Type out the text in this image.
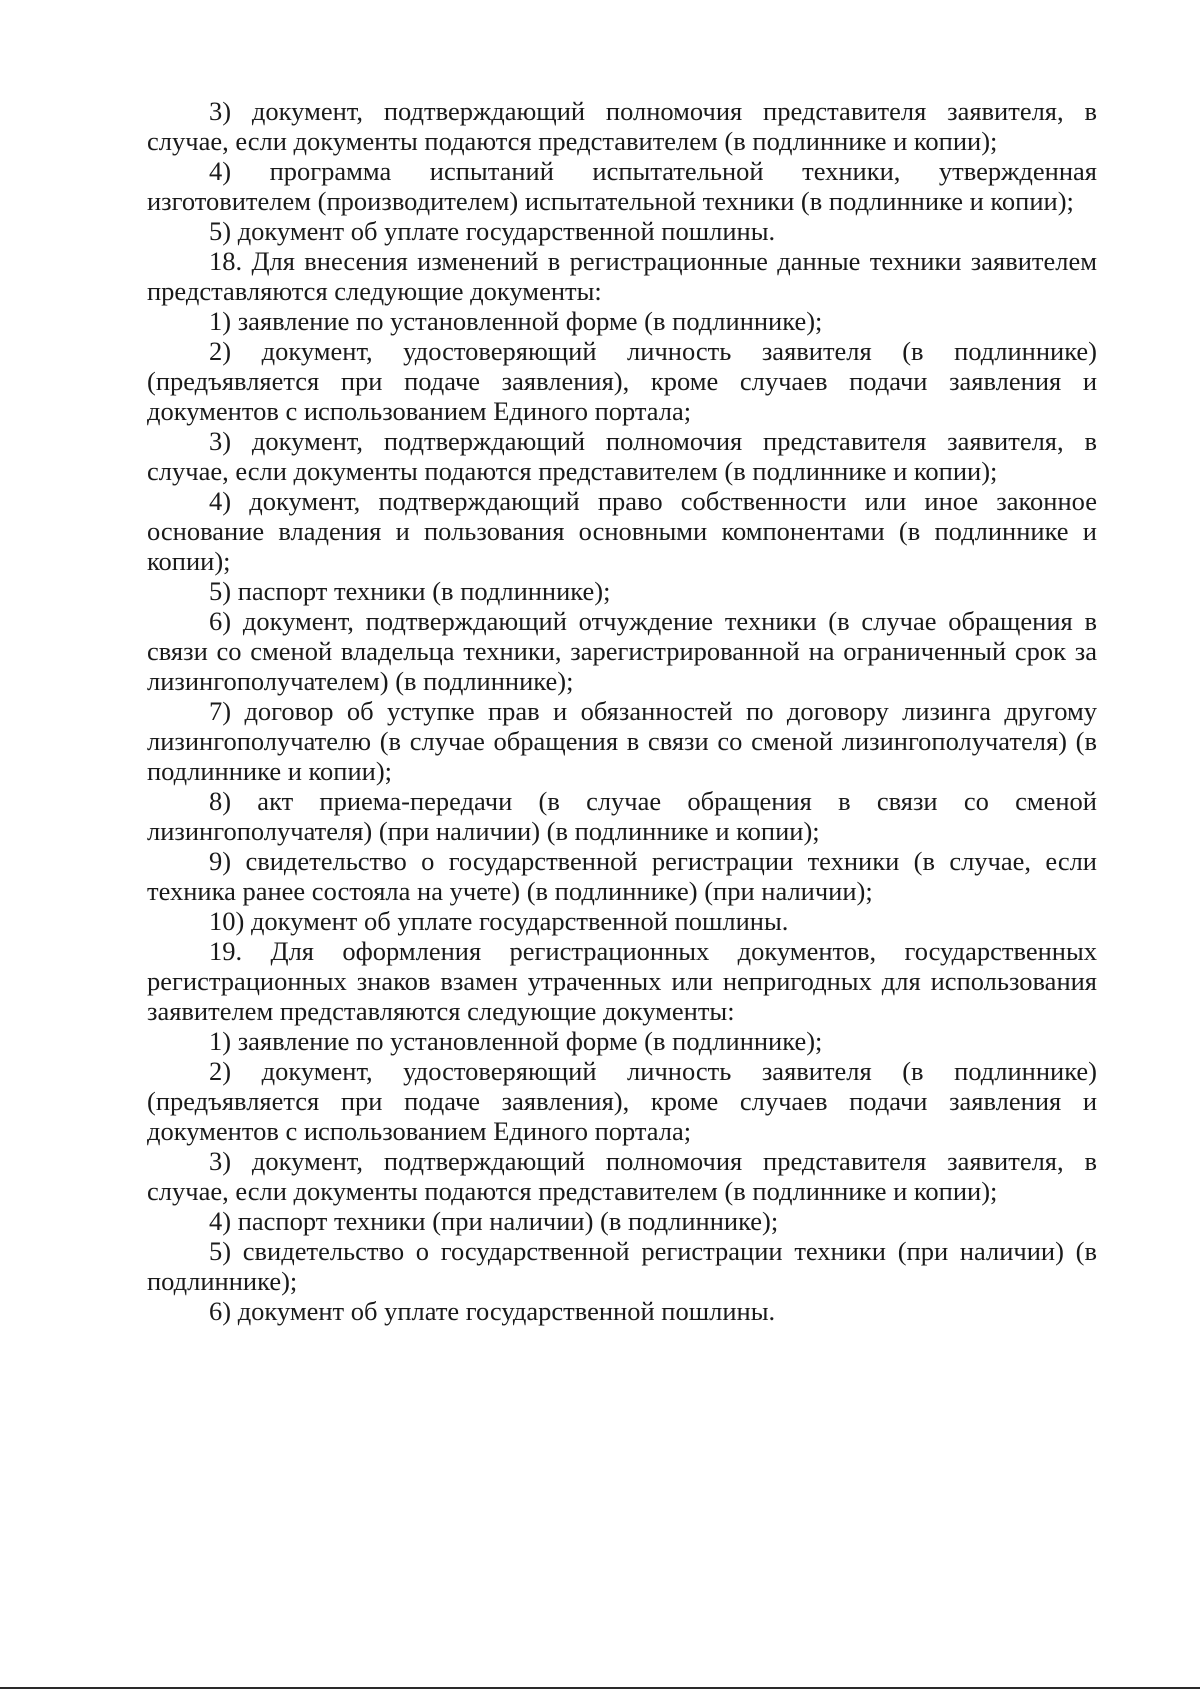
3) документ, подтверждающий полномочия представителя заявителя, в случае, если документы подаются представителем (в подлиннике и копии);

4) программа испытаний испытательной техники, утвержденная изготовителем (производителем) испытательной техники (в подлиннике и копии);

5) документ об уплате государственной пошлины.

18. Для внесения изменений в регистрационные данные техники заявителем представляются следующие документы:

1) заявление по установленной форме (в подлиннике);

2) документ, удостоверяющий личность заявителя (в подлиннике) (предъявляется при подаче заявления), кроме случаев подачи заявления и документов с использованием Единого портала;

3) документ, подтверждающий полномочия представителя заявителя, в случае, если документы подаются представителем (в подлиннике и копии);

4) документ, подтверждающий право собственности или иное законное основание владения и пользования основными компонентами (в подлиннике и копии);

5) паспорт техники (в подлиннике);

6) документ, подтверждающий отчуждение техники (в случае обращения в связи со сменой владельца техники, зарегистрированной на ограниченный срок за лизингополучателем) (в подлиннике);

7) договор об уступке прав и обязанностей по договору лизинга другому лизингополучателю (в случае обращения в связи со сменой лизингополучателя) (в подлиннике и копии);

8) акт приема-передачи (в случае обращения в связи со сменой лизингополучателя) (при наличии) (в подлиннике и копии);

9) свидетельство о государственной регистрации техники (в случае, если техника ранее состояла на учете) (в подлиннике) (при наличии);

10) документ об уплате государственной пошлины.

19. Для оформления регистрационных документов, государственных регистрационных знаков взамен утраченных или непригодных для использования заявителем представляются следующие документы:

1) заявление по установленной форме (в подлиннике);

2) документ, удостоверяющий личность заявителя (в подлиннике) (предъявляется при подаче заявления), кроме случаев подачи заявления и документов с использованием Единого портала;

3) документ, подтверждающий полномочия представителя заявителя, в случае, если документы подаются представителем (в подлиннике и копии);

4) паспорт техники (при наличии) (в подлиннике);

5) свидетельство о государственной регистрации техники (при наличии) (в подлиннике);

6) документ об уплате государственной пошлины.
